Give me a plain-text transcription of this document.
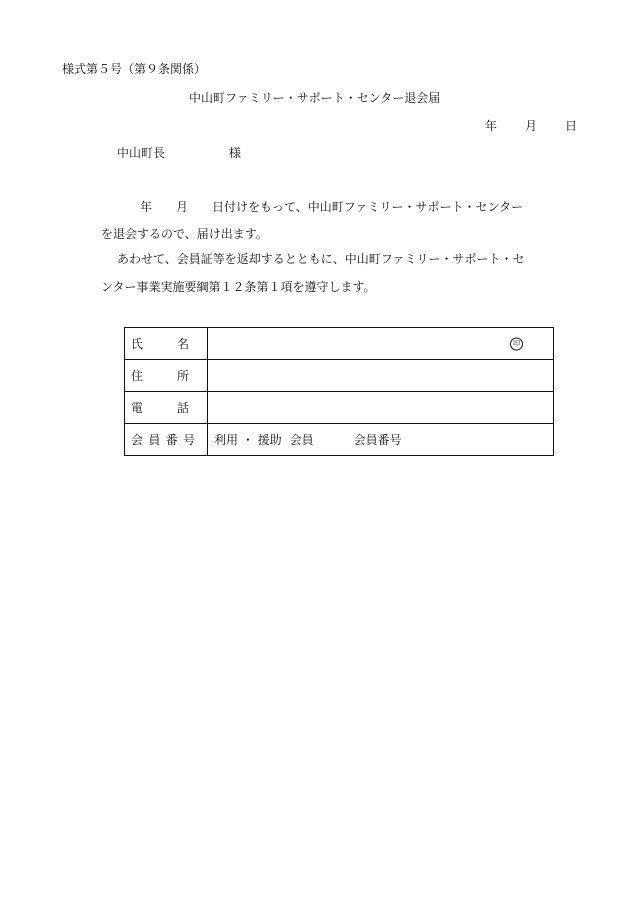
様式第５号（第９条関係）
中山町ファミリー・サポート・センター退会届
年 月 日
中山町長	様
年 月 日付けをもって、中山町ファミリー・サポート・センター
を退会するので、届け出ます。
あわせて、会員証等を返却するとともに、中山町ファミリー・サポート・セ
ンター事業実施要綱第１２条第１項を遵守します。
氏 名	印

住 所	

電 話	

会 員 番 号	利用 ・ 援助 会員 会員番号
